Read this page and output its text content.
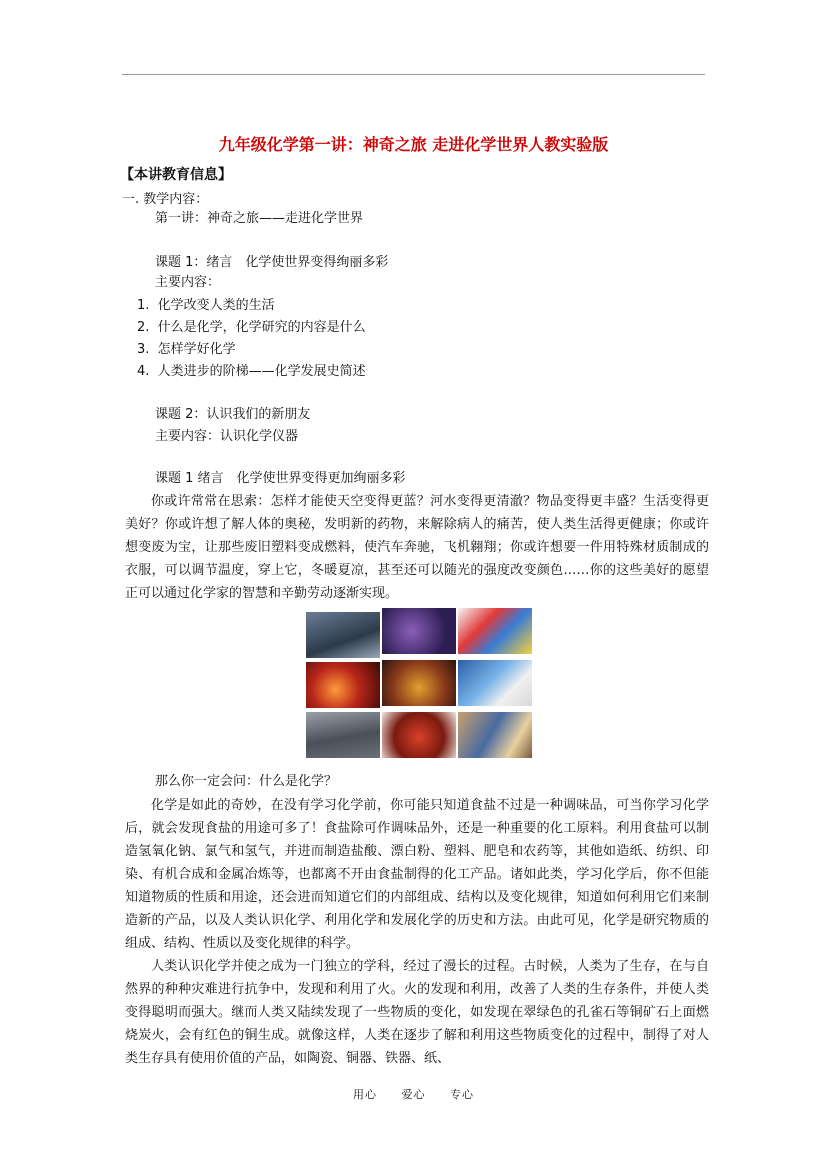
九年级化学第一讲：神奇之旅 走进化学世界人教实验版
【本讲教育信息】
一. 教学内容：
第一讲：神奇之旅——走进化学世界
课题 1：绪言　化学使世界变得绚丽多彩
主要内容：
1. 化学改变人类的生活
2. 什么是化学，化学研究的内容是什么
3. 怎样学好化学
4. 人类进步的阶梯——化学发展史简述
课题 2：认识我们的新朋友
主要内容：认识化学仪器
课题 1 绪言　化学使世界变得更加绚丽多彩

你或许常常在思索：怎样才能使天空变得更蓝？河水变得更清澈？物品变得更丰盛？生活变得更美好？你或许想了解人体的奥秘，发明新的药物，来解除病人的痛苦，使人类生活得更健康；你或许想变废为宝，让那些废旧塑料变成燃料，使汽车奔驰，飞机翱翔；你或许想要一件用特殊材质制成的衣服，可以调节温度，穿上它，冬暖夏凉，甚至还可以随光的强度改变颜色……你的这些美好的愿望正可以通过化学家的智慧和辛勤劳动逐渐实现。

那么你一定会问：什么是化学？

化学是如此的奇妙，在没有学习化学前，你可能只知道食盐不过是一种调味品，可当你学习化学后，就会发现食盐的用途可多了！食盐除可作调味品外，还是一种重要的化工原料。利用食盐可以制造氢氧化钠、氯气和氢气，并进而制造盐酸、漂白粉、塑料、肥皂和农药等，其他如造纸、纺织、印染、有机合成和金属冶炼等，也都离不开由食盐制得的化工产品。诸如此类，学习化学后，你不但能知道物质的性质和用途，还会进而知道它们的内部组成、结构以及变化规律，知道如何利用它们来制造新的产品，以及人类认识化学、利用化学和发展化学的历史和方法。由此可见，化学是研究物质的组成、结构、性质以及变化规律的科学。

人类认识化学并使之成为一门独立的学科，经过了漫长的过程。古时候，人类为了生存，在与自然界的种种灾难进行抗争中，发现和利用了火。火的发现和利用，改善了人类的生存条件，并使人类变得聪明而强大。继而人类又陆续发现了一些物质的变化，如发现在翠绿色的孔雀石等铜矿石上面燃烧炭火，会有红色的铜生成。就像这样，人类在逐步了解和利用这些物质变化的过程中，制得了对人类生存具有使用价值的产品，如陶瓷、铜器、铁器、纸、

用心 爱心 专心
